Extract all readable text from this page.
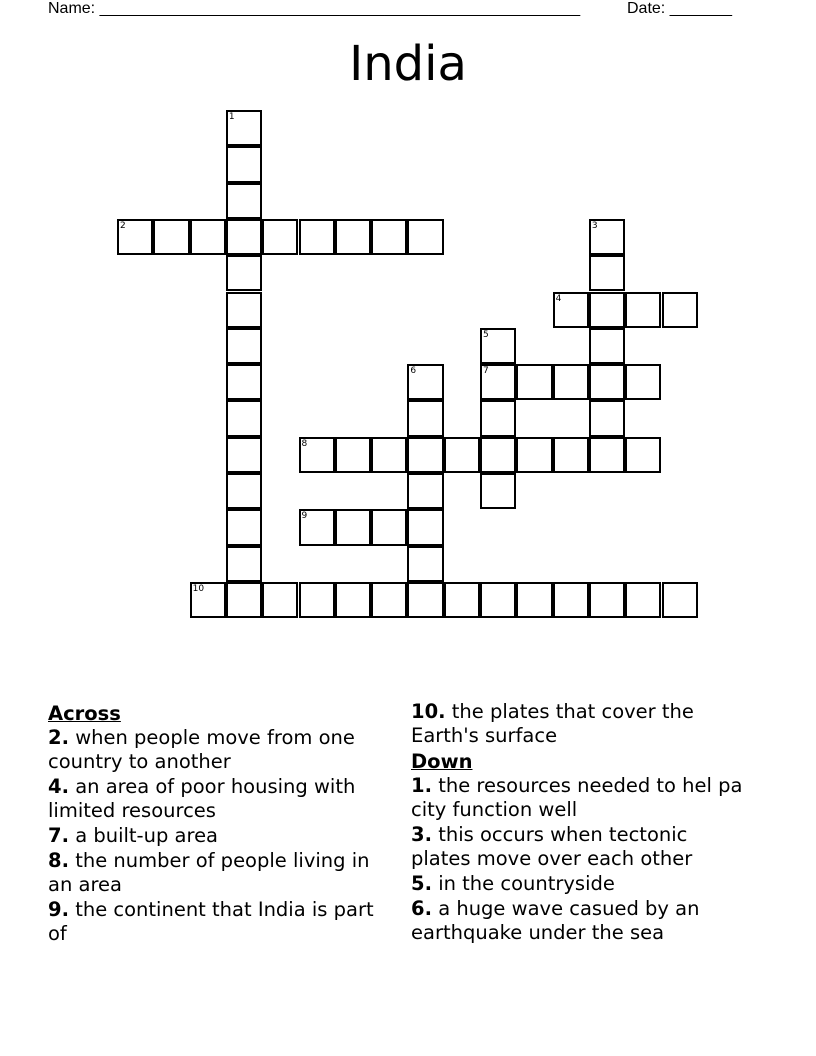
Name: ______________________________________________________	Date: _______
India
1
2	3
4
5
6	7
8
9
10
Across
2. when people move from one country to another
4. an area of poor housing with limited resources
7. a built-up area
8. the number of people living in an area
9. the continent that India is part of
10. the plates that cover the Earth's surface
Down
1. the resources needed to hel pa city function well
3. this occurs when tectonic plates move over each other
5. in the countryside
6. a huge wave casued by an earthquake under the sea
